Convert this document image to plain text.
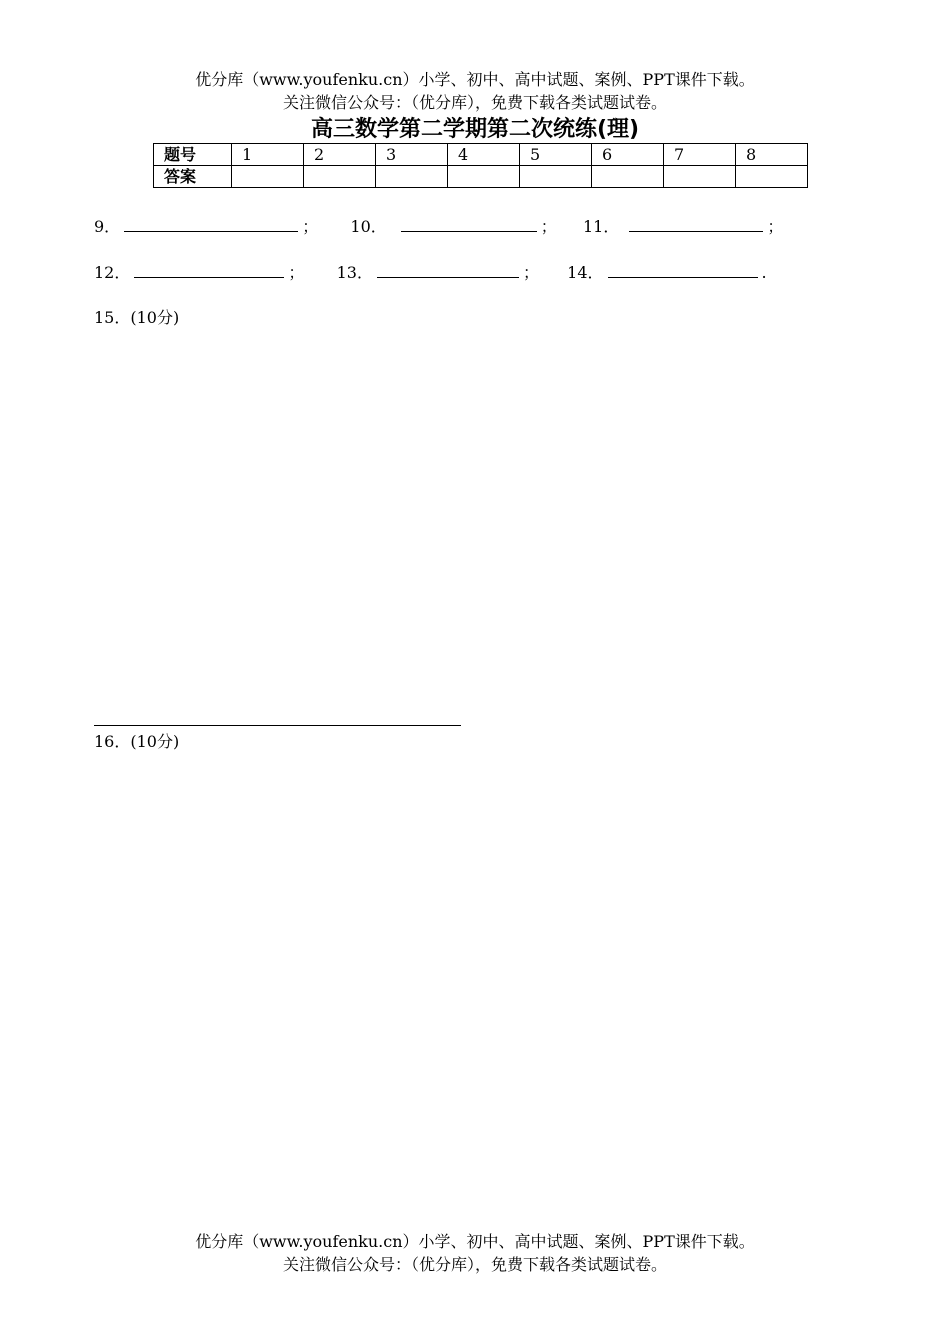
优分库（www.youfenku.cn）小学、初中、高中试题、案例、PPT课件下载。
关注微信公众号：（优分库），免费下载各类试题试卷。
高三数学第二学期第二次统练(理)
题号	1	2	3	4	5	6	7	8
答案								
9．	； 10．	； 11．	；
12．	； 13．	； 14．	.
15．(10分)
16．(10分)
优分库（www.youfenku.cn）小学、初中、高中试题、案例、PPT课件下载。
关注微信公众号：（优分库），免费下载各类试题试卷。
